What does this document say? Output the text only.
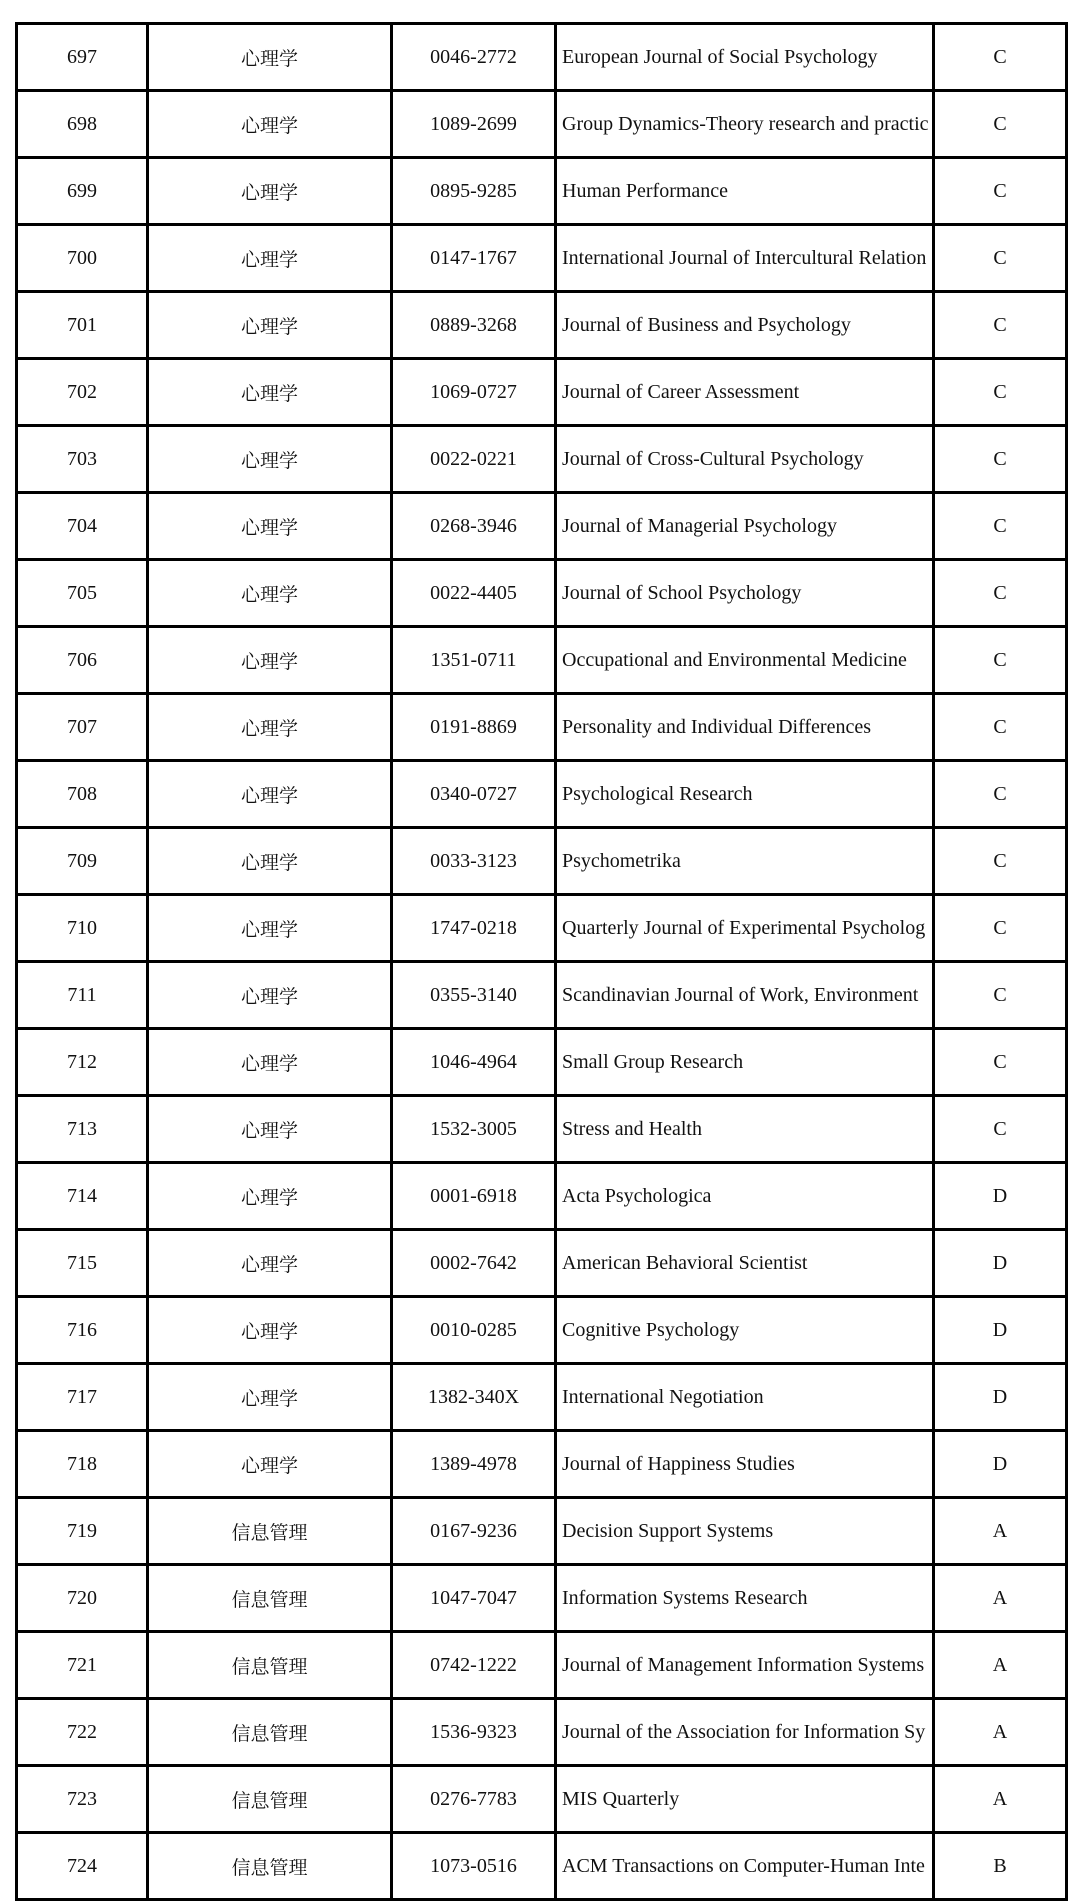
697	心理学	0046-2772	European Journal of Social Psychology	C
698	心理学	1089-2699	Group Dynamics-Theory research and practic	C
699	心理学	0895-9285	Human Performance	C
700	心理学	0147-1767	International Journal of Intercultural Relation	C
701	心理学	0889-3268	Journal of Business and Psychology	C
702	心理学	1069-0727	Journal of Career Assessment	C
703	心理学	0022-0221	Journal of Cross-Cultural Psychology	C
704	心理学	0268-3946	Journal of Managerial Psychology	C
705	心理学	0022-4405	Journal of School Psychology	C
706	心理学	1351-0711	Occupational and Environmental Medicine	C
707	心理学	0191-8869	Personality and Individual Differences	C
708	心理学	0340-0727	Psychological Research	C
709	心理学	0033-3123	Psychometrika	C
710	心理学	1747-0218	Quarterly Journal of Experimental Psycholog	C
711	心理学	0355-3140	Scandinavian Journal of Work, Environment	C
712	心理学	1046-4964	Small Group Research	C
713	心理学	1532-3005	Stress and Health	C
714	心理学	0001-6918	Acta Psychologica	D
715	心理学	0002-7642	American Behavioral Scientist	D
716	心理学	0010-0285	Cognitive Psychology	D
717	心理学	1382-340X	International Negotiation	D
718	心理学	1389-4978	Journal of Happiness Studies	D
719	信息管理	0167-9236	Decision Support Systems	A
720	信息管理	1047-7047	Information Systems Research	A
721	信息管理	0742-1222	Journal of Management Information Systems	A
722	信息管理	1536-9323	Journal of the Association for Information Sy	A
723	信息管理	0276-7783	MIS Quarterly	A
724	信息管理	1073-0516	ACM Transactions on Computer-Human Inte	B
